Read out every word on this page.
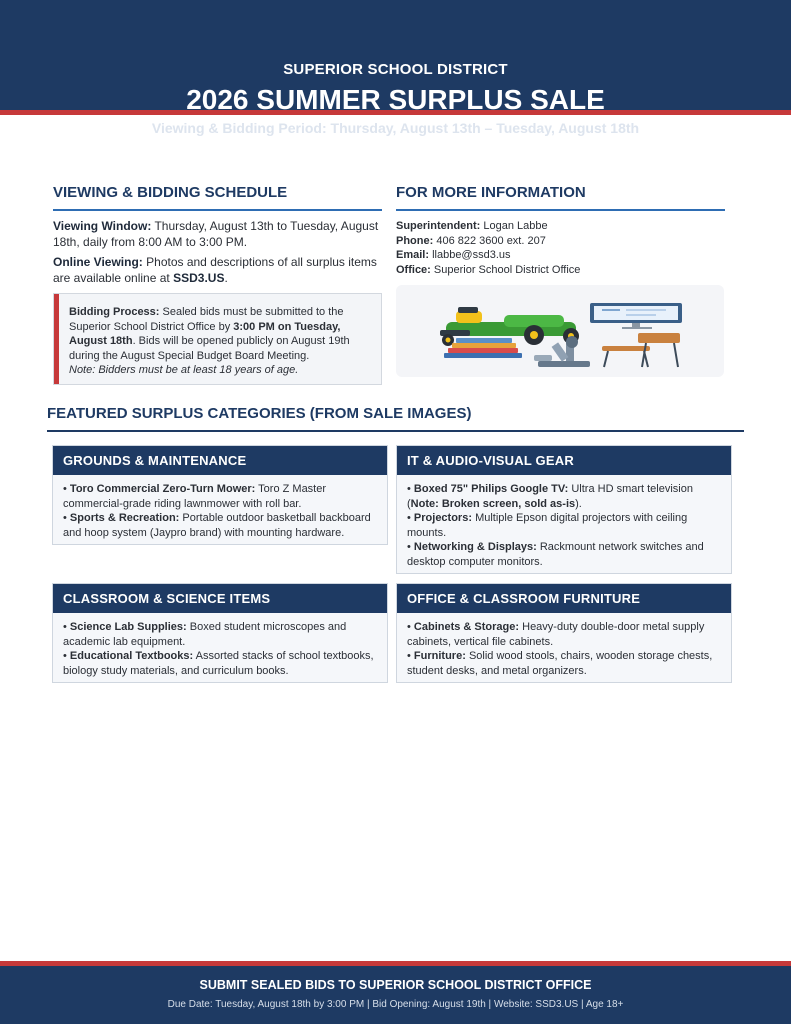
SUPERIOR SCHOOL DISTRICT
2026 SUMMER SURPLUS SALE
Viewing & Bidding Period: Thursday, August 13th – Tuesday, August 18th
VIEWING & BIDDING SCHEDULE
Viewing Window: Thursday, August 13th to Tuesday, August 18th, daily from 8:00 AM to 3:00 PM.
Online Viewing: Photos and descriptions of all surplus items are available online at SSD3.US.
Bidding Process: Sealed bids must be submitted to the Superior School District Office by 3:00 PM on Tuesday, August 18th. Bids will be opened publicly on August 19th during the August Special Budget Board Meeting.
Note: Bidders must be at least 18 years of age.
FOR MORE INFORMATION
Superintendent: Logan Labbe
Phone: 406 822 3600 ext. 207
Email: llabbe@ssd3.us
Office: Superior School District Office
FEATURED SURPLUS CATEGORIES (FROM SALE IMAGES)
GROUNDS & MAINTENANCE

• Toro Commercial Zero-Turn Mower: Toro Z Master commercial-grade riding lawnmower with roll bar.

• Sports & Recreation: Portable outdoor basketball backboard and hoop system (Jaypro brand) with mounting hardware.

IT & AUDIO-VISUAL GEAR

• Boxed 75" Philips Google TV: Ultra HD smart television (Note: Broken screen, sold as-is).

• Projectors: Multiple Epson digital projectors with ceiling mounts.

• Networking & Displays: Rackmount network switches and desktop computer monitors.

CLASSROOM & SCIENCE ITEMS

• Science Lab Supplies: Boxed student microscopes and academic lab equipment.

• Educational Textbooks: Assorted stacks of school textbooks, biology study materials, and curriculum books.

OFFICE & CLASSROOM FURNITURE

• Cabinets & Storage: Heavy-duty double-door metal supply cabinets, vertical file cabinets.

• Furniture: Solid wood stools, chairs, wooden storage chests, student desks, and metal organizers.

SUBMIT SEALED BIDS TO SUPERIOR SCHOOL DISTRICT OFFICE
Due Date: Tuesday, August 18th by 3:00 PM | Bid Opening: August 19th | Website: SSD3.US | Age 18+
